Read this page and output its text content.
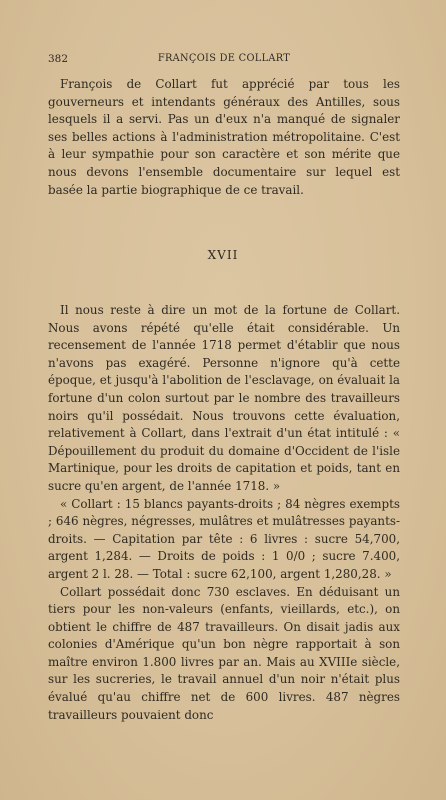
382	FRANÇOIS DE COLLART

François de Collart fut apprécié par tous les gouverneurs et intendants généraux des Antilles, sous lesquels il a servi. Pas un d'eux n'a manqué de signaler ses belles actions à l'administration métropolitaine. C'est à leur sympathie pour son caractère et son mérite que nous devons l'ensemble documentaire sur lequel est basée la partie biographique de ce travail.

XVII

Il nous reste à dire un mot de la fortune de Collart. Nous avons répété qu'elle était considérable. Un recensement de l'année 1718 permet d'établir que nous n'avons pas exagéré. Personne n'ignore qu'à cette époque, et jusqu'à l'abolition de l'esclavage, on évaluait la fortune d'un colon surtout par le nombre des travailleurs noirs qu'il possédait. Nous trouvons cette évaluation, relativement à Collart, dans l'extrait d'un état intitulé : « Dépouillement du produit du domaine d'Occident de l'isle Martinique, pour les droits de capitation et poids, tant en sucre qu'en argent, de l'année 1718. »

« Collart : 15 blancs payants-droits ; 84 nègres exempts ; 646 nègres, négresses, mulâtres et mulâtresses payants-droits. — Capitation par tête : 6 livres : sucre 54,700, argent 1,284. — Droits de poids : 1 0/0 ; sucre 7.400, argent 2 l. 28. — Total : sucre 62,100, argent 1,280,28. »

Collart possédait donc 730 esclaves. En déduisant un tiers pour les non-valeurs (enfants, vieillards, etc.), on obtient le chiffre de 487 travailleurs. On disait jadis aux colonies d'Amérique qu'un bon nègre rapportait à son maître environ 1.800 livres par an. Mais au XVIIIe siècle, sur les sucreries, le travail annuel d'un noir n'était plus évalué qu'au chiffre net de 600 livres. 487 nègres travailleurs pouvaient donc
